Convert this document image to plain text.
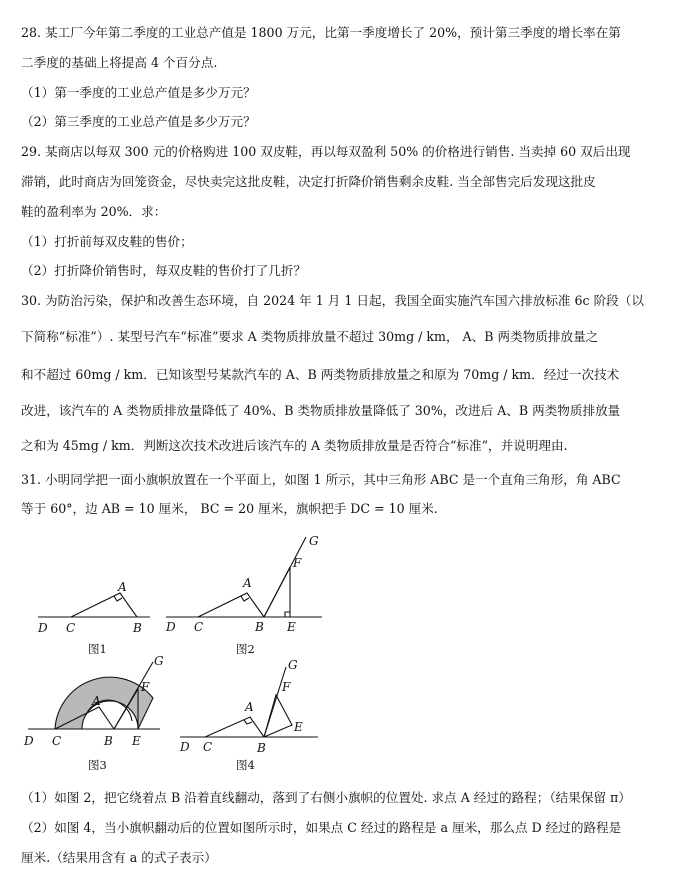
28. 某工厂今年第二季度的工业总产值是 1800 万元，比第一季度增长了 20%，预计第三季度的增长率在第
二季度的基础上将提高 4 个百分点.
（1）第一季度的工业总产值是多少万元？
（2）第三季度的工业总产值是多少万元？
29. 某商店以每双 300 元的价格购进 100 双皮鞋，再以每双盈利 50% 的价格进行销售. 当卖掉 60 双后出现
滞销，此时商店为回笼资金，尽快卖完这批皮鞋，决定打折降价销售剩余皮鞋. 当全部售完后发现这批皮
鞋的盈利率为 20%．求：
（1）打折前每双皮鞋的售价；
（2）打折降价销售时，每双皮鞋的售价打了几折？
30. 为防治污染，保护和改善生态环境，自 2024 年 1 月 1 日起，我国全面实施汽车国六排放标准 6c 阶段（以
下简称“标准”）. 某型号汽车“标准”要求 A 类物质排放量不超过 30mg / km， A、B 两类物质排放量之
和不超过 60mg / km．已知该型号某款汽车的 A、B 两类物质排放量之和原为 70mg / km．经过一次技术
改进，该汽车的 A 类物质排放量降低了 40%、B 类物质排放量降低了 30%，改进后 A、B 两类物质排放量
之和为 45mg / km．判断这次技术改进后该汽车的 A 类物质排放量是否符合“标准”，并说明理由.
31. 小明同学把一面小旗帜放置在一个平面上，如图 1 所示，其中三角形 ABC 是一个直角三角形，角 ABC
等于 60°，边 AB = 10 厘米， BC = 20 厘米，旗帜把手 DC = 10 厘米.
A
D C	B
图1
A
D C	B E
F
G
图2
A
D C	B E
F
G
图3
A
D C	B
E
F
G
图4
（1）如图 2，把它绕着点 B 沿着直线翻动，落到了右侧小旗帜的位置处. 求点 A 经过的路程；（结果保留 π）
（2）如图 4，当小旗帜翻动后的位置如图所示时，如果点 C 经过的路程是 a 厘米，那么点 D 经过的路程是
厘米.（结果用含有 a 的式子表示）
